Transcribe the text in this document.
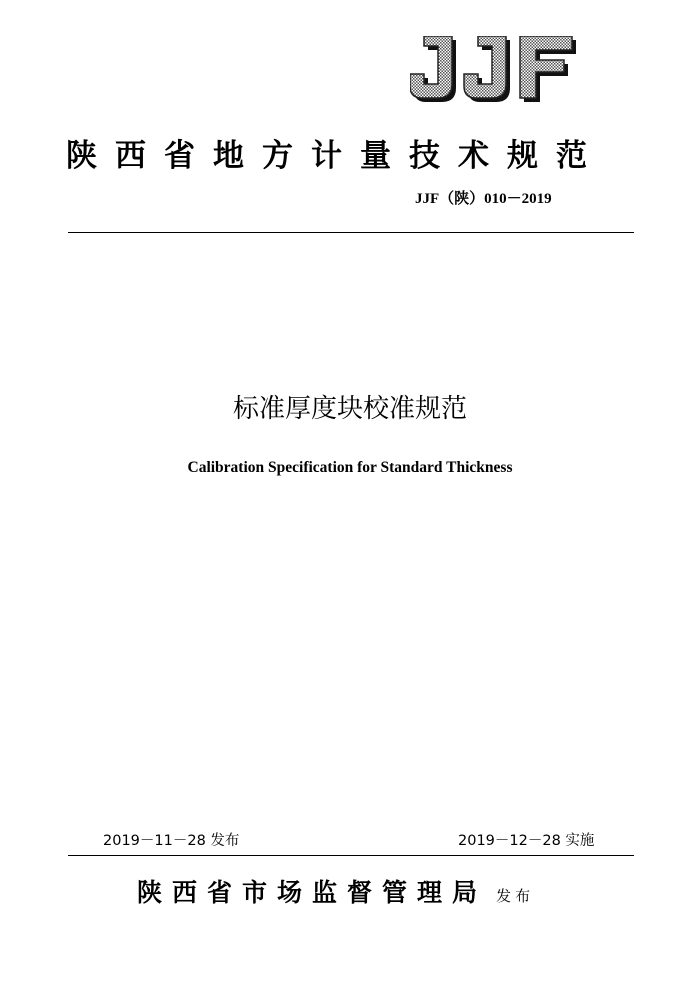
陕西省地方计量技术规范
JJF（陕）010－2019
标准厚度块校准规范
Calibration Specification for Standard Thickness
2019－11－28 发布	2019－12－28 实施
陕西省市场监督管理局 发布
